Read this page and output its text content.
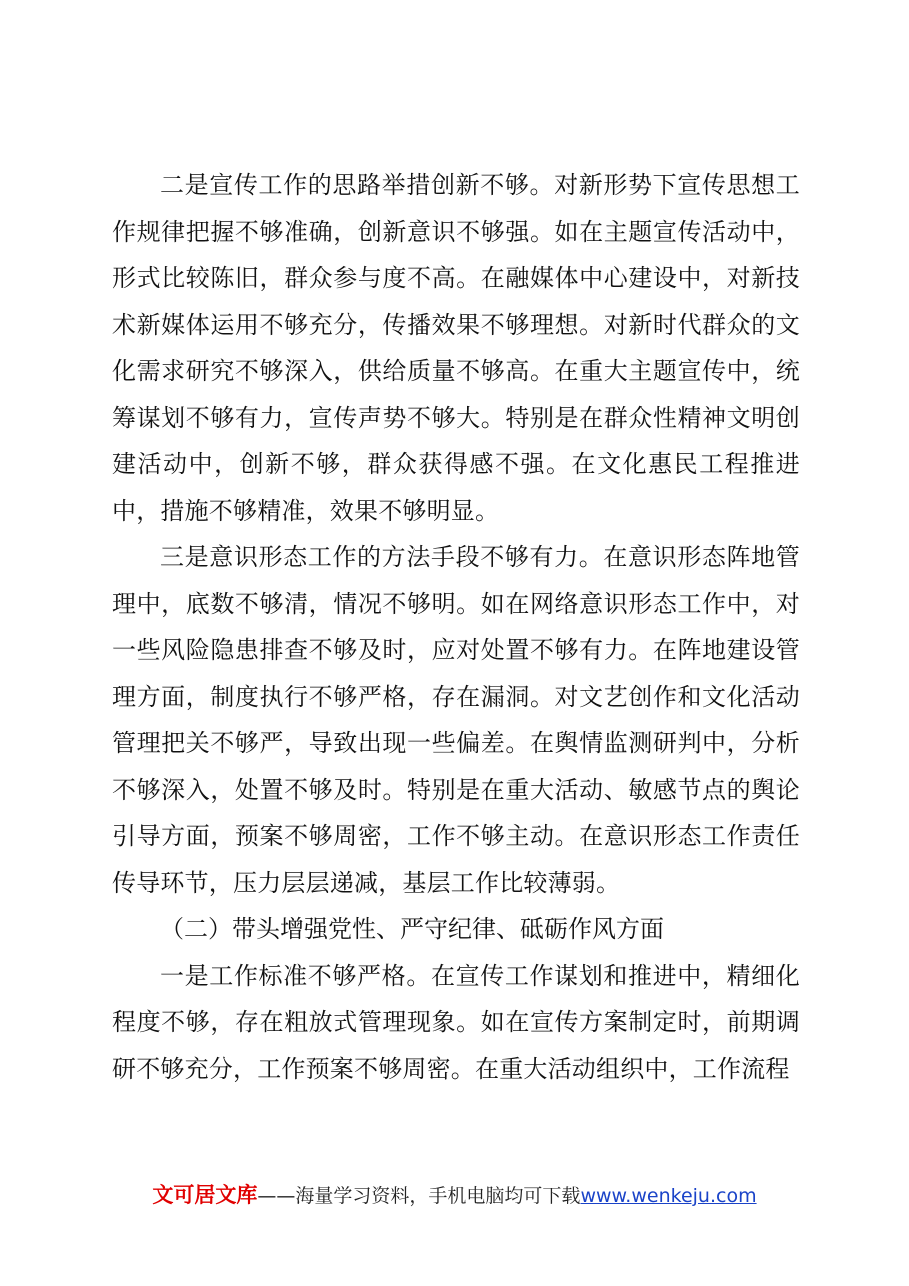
二是宣传工作的思路举措创新不够。对新形势下宣传思想工作规律把握不够准确，创新意识不够强。如在主题宣传活动中，形式比较陈旧，群众参与度不高。在融媒体中心建设中，对新技术新媒体运用不够充分，传播效果不够理想。对新时代群众的文化需求研究不够深入，供给质量不够高。在重大主题宣传中，统筹谋划不够有力，宣传声势不够大。特别是在群众性精神文明创建活动中，创新不够，群众获得感不强。在文化惠民工程推进中，措施不够精准，效果不够明显。

三是意识形态工作的方法手段不够有力。在意识形态阵地管理中，底数不够清，情况不够明。如在网络意识形态工作中，对一些风险隐患排查不够及时，应对处置不够有力。在阵地建设管理方面，制度执行不够严格，存在漏洞。对文艺创作和文化活动管理把关不够严，导致出现一些偏差。在舆情监测研判中，分析不够深入，处置不够及时。特别是在重大活动、敏感节点的舆论引导方面，预案不够周密，工作不够主动。在意识形态工作责任传导环节，压力层层递减，基层工作比较薄弱。

（二）带头增强党性、严守纪律、砥砺作风方面

一是工作标准不够严格。在宣传工作谋划和推进中，精细化程度不够，存在粗放式管理现象。如在宣传方案制定时，前期调研不够充分，工作预案不够周密。在重大活动组织中，工作流程

文可居文库——海量学习资料，手机电脑均可下载www.wenkeju.com
